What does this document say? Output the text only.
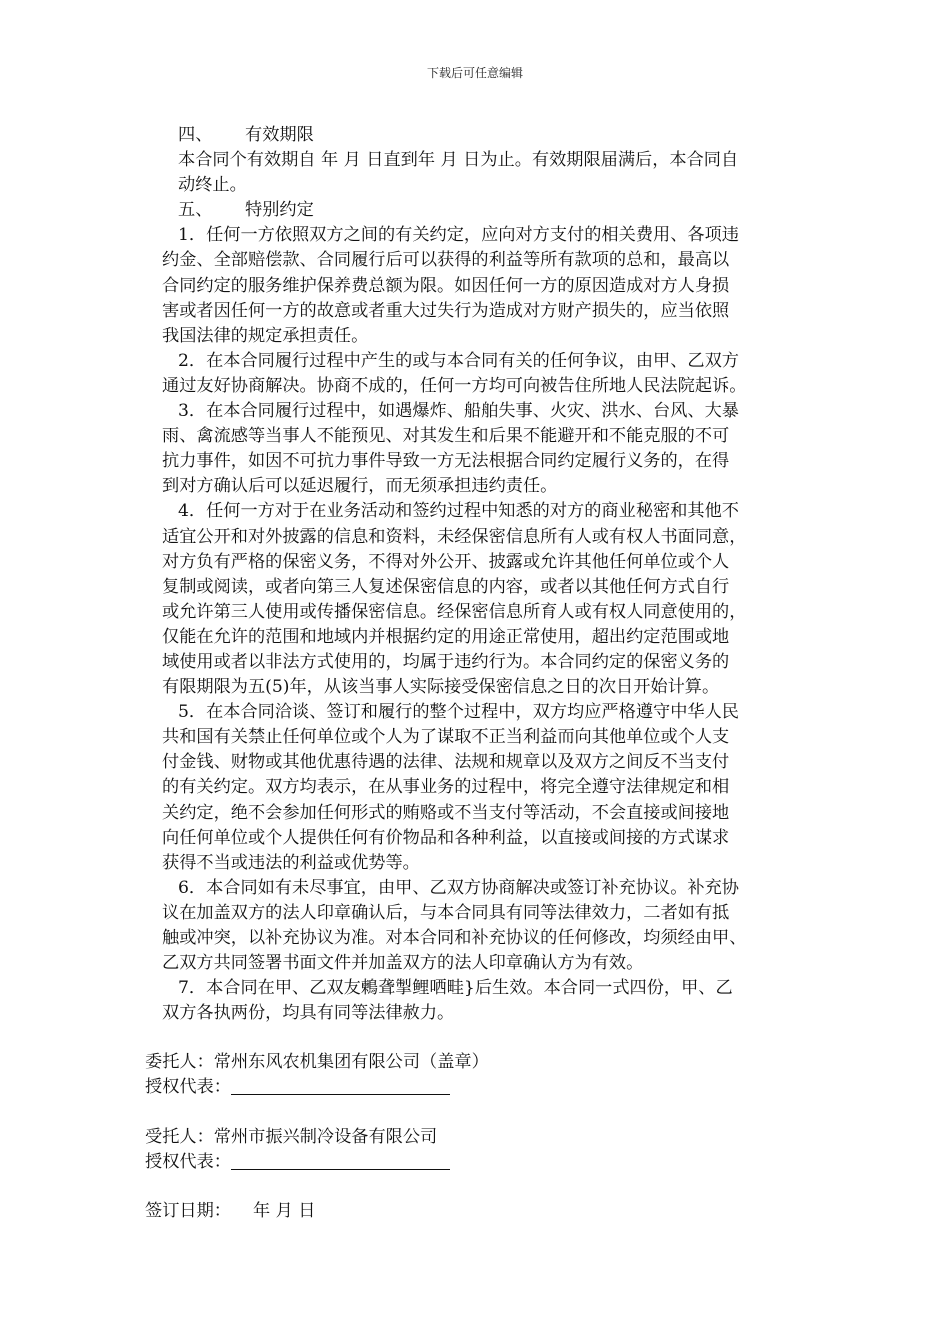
下载后可任意编辑
四、 有效期限
本合同个有效期自 年 月 日直到年 月 日为止。有效期限届满后，本合同自
动终止。
五、 特别约定
1．任何一方依照双方之间的有关约定，应向对方支付的相关费用、各项违
约金、全部赔偿款、合同履行后可以获得的利益等所有款项的总和，最高以
合同约定的服务维护保养费总额为限。如因任何一方的原因造成对方人身损
害或者因任何一方的故意或者重大过失行为造成对方财产损失的，应当依照
我国法律的规定承担责任。
2．在本合同履行过程中产生的或与本合同有关的任何争议，由甲、乙双方
通过友好协商解决。协商不成的，任何一方均可向被告住所地人民法院起诉。
3．在本合同履行过程中，如遇爆炸、船舶失事、火灾、洪水、台风、大暴
雨、禽流感等当事人不能预见、对其发生和后果不能避开和不能克服的不可
抗力事件，如因不可抗力事件导致一方无法根据合同约定履行义务的，在得
到对方确认后可以延迟履行，而无须承担违约责任。
4．任何一方对于在业务活动和签约过程中知悉的对方的商业秘密和其他不
适宜公开和对外披露的信息和资料，未经保密信息所有人或有权人书面同意，
对方负有严格的保密义务，不得对外公开、披露或允许其他任何单位或个人
复制或阅读，或者向第三人复述保密信息的内容，或者以其他任何方式自行
或允许第三人使用或传播保密信息。经保密信息所育人或有权人同意使用的，
仅能在允许的范围和地域内并根据约定的用途正常使用，超出约定范围或地
域使用或者以非法方式使用的，均属于违约行为。本合同约定的保密义务的
有限期限为五(5)年，从该当事人实际接受保密信息之日的次日开始计算。
5．在本合同洽谈、签订和履行的整个过程中，双方均应严格遵守中华人民
共和国有关禁止任何单位或个人为了谋取不正当利益而向其他单位或个人支
付金钱、财物或其他优惠待遇的法律、法规和规章以及双方之间反不当支付
的有关约定。双方均表示，在从事业务的过程中，将完全遵守法律规定和相
关约定，绝不会参加任何形式的贿赂或不当支付等活动，不会直接或间接地
向任何单位或个人提供任何有价物品和各种利益，以直接或间接的方式谋求
获得不当或违法的利益或优势等。
6．本合同如有未尽事宜，由甲、乙双方协商解决或签订补充协议。补充协
议在加盖双方的法人印章确认后，与本合同具有同等法律效力，二者如有抵
触或冲突，以补充协议为准。对本合同和补充协议的任何修改，均须经由甲、
乙双方共同签署书面文件并加盖双方的法人印章确认方为有效。
7．本合同在甲、乙双友鶫聋掣鲤哂畦}后生效。本合同一式四份，甲、乙
双方各执两份，均具有同等法律赦力。
委托人：常州东风农机集团有限公司（盖章）
授权代表：
受托人：常州市振兴制冷设备有限公司
授权代表：
签订日期： 年 月 日
